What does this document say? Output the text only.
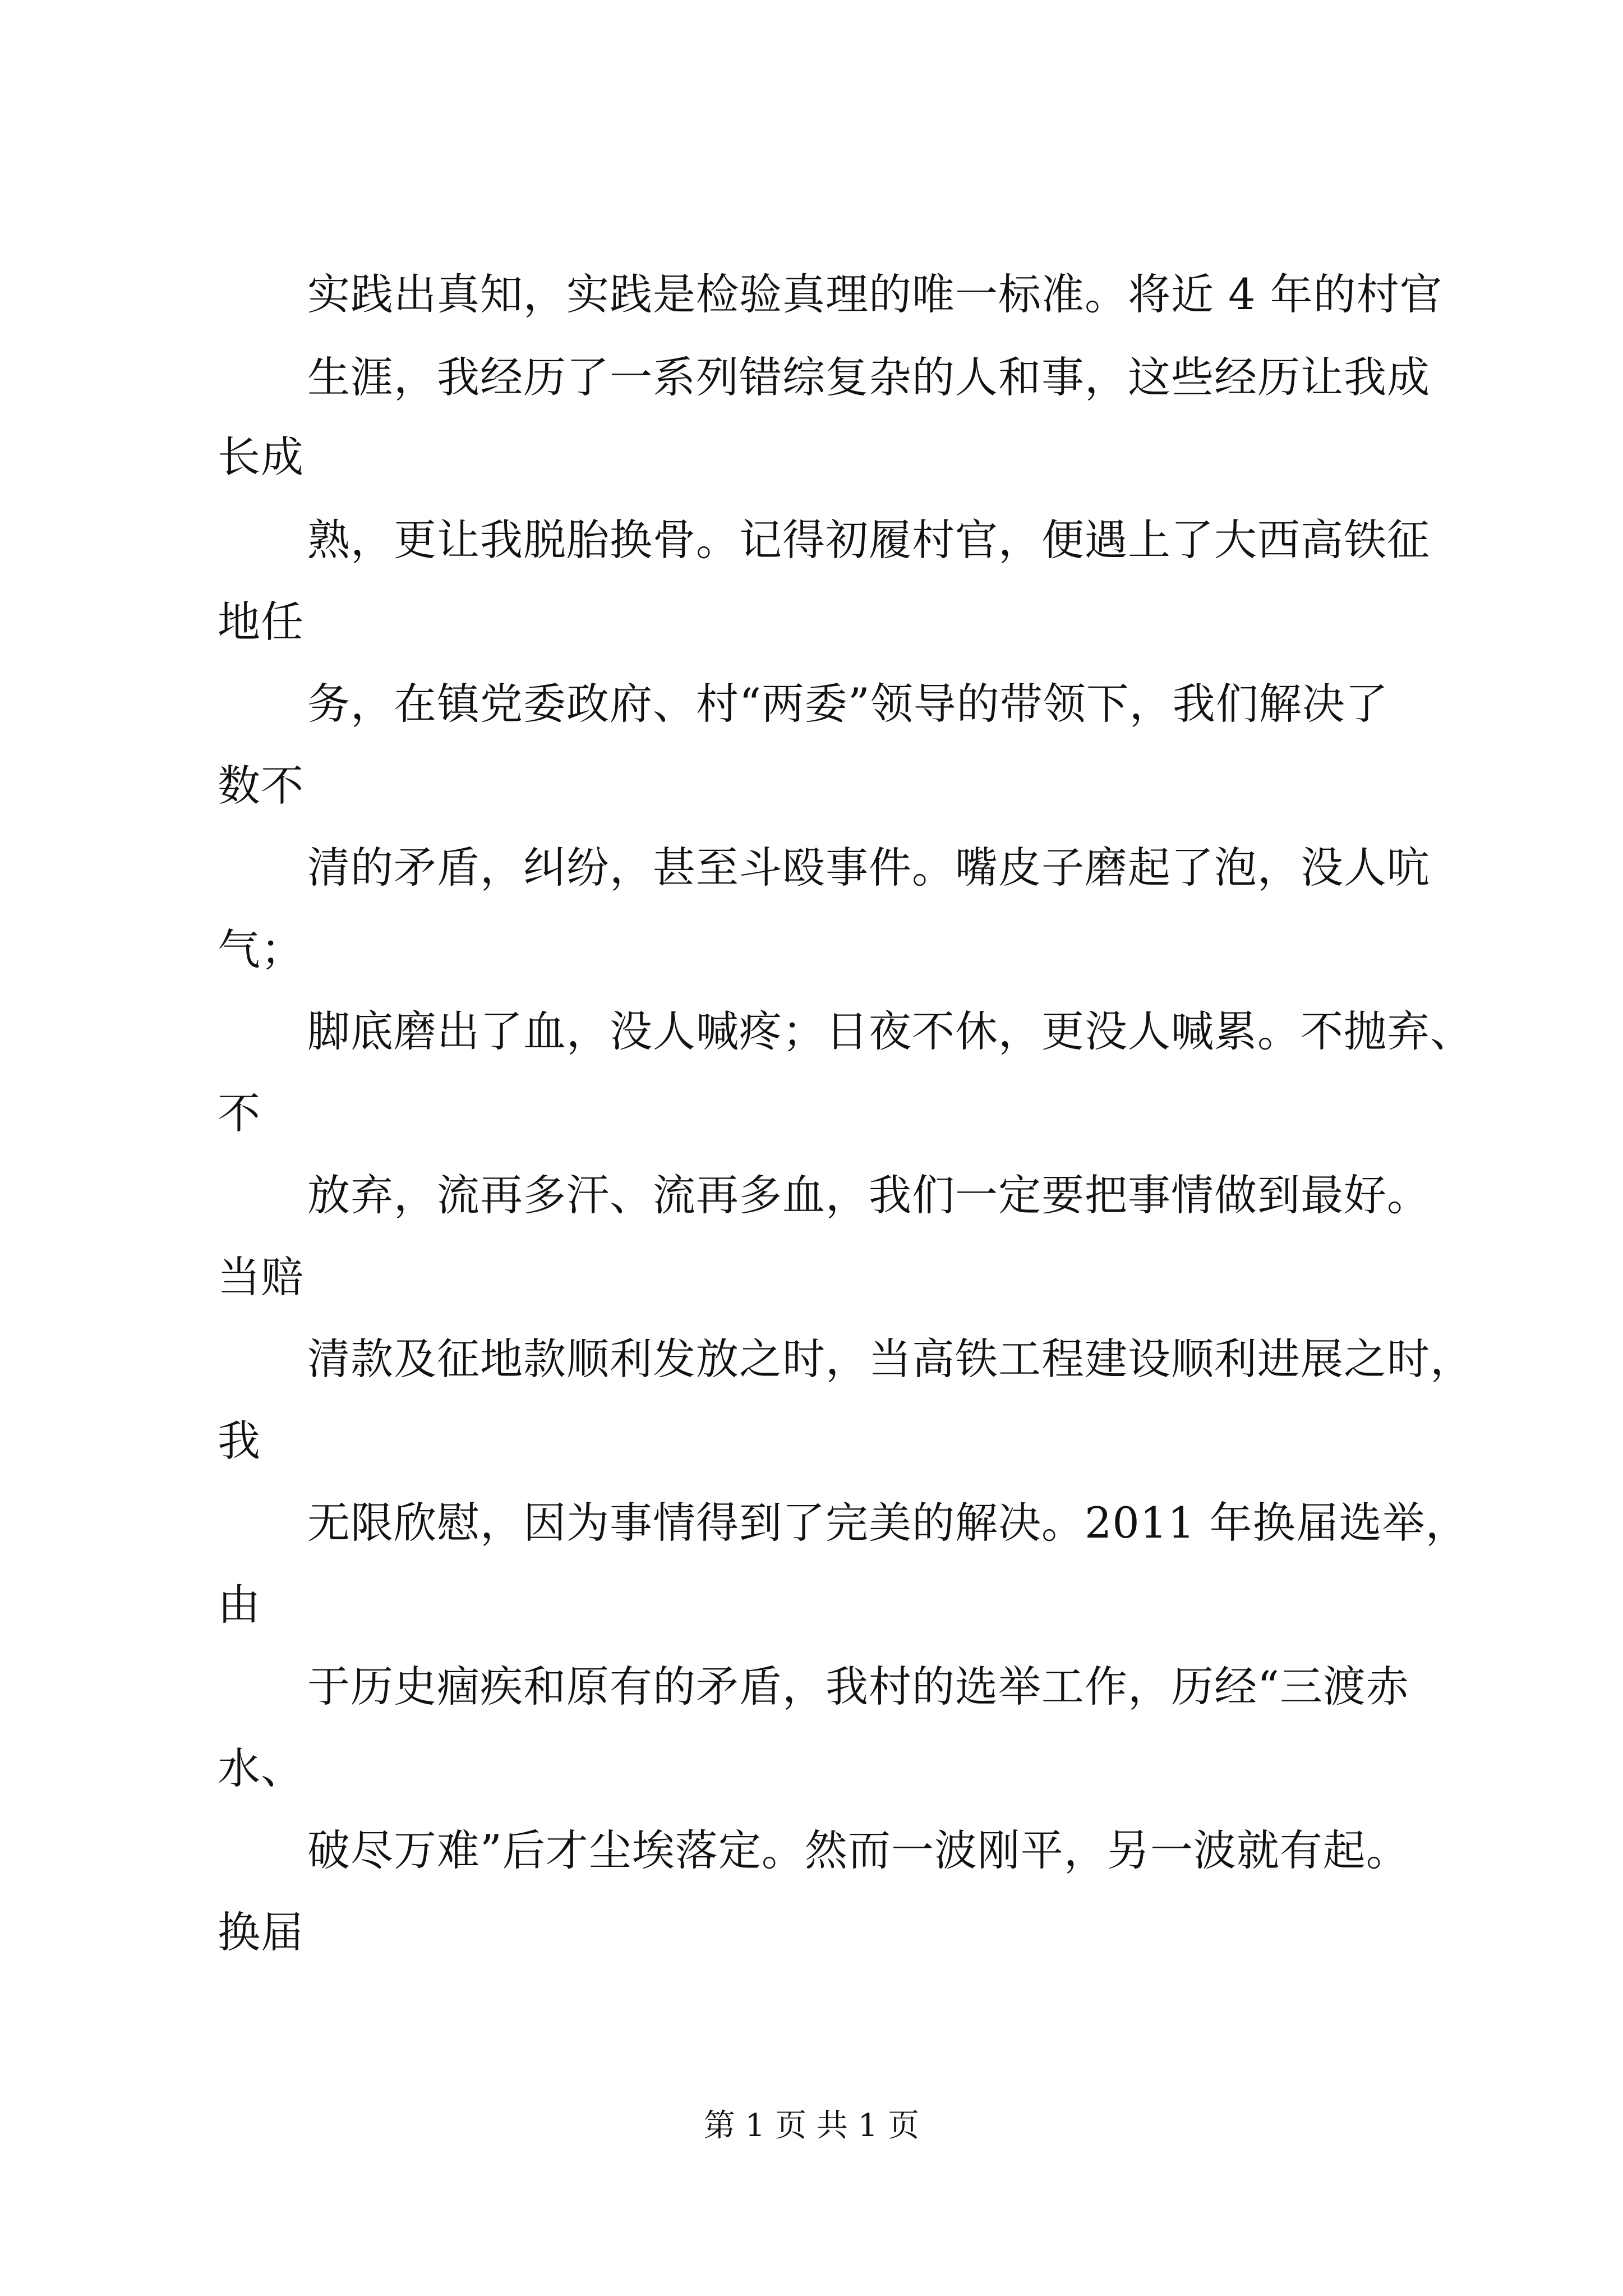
实践出真知，实践是检验真理的唯一标准。将近 4 年的村官
生涯，我经历了一系列错综复杂的人和事，这些经历让我成
长成
熟，更让我脱胎换骨。记得初履村官，便遇上了大西高铁征
地任
务，在镇党委政府、村“两委”领导的带领下，我们解决了
数不
清的矛盾，纠纷，甚至斗殴事件。嘴皮子磨起了泡，没人吭
气；
脚底磨出了血，没人喊疼；日夜不休，更没人喊累。不抛弃、
不
放弃，流再多汗、流再多血，我们一定要把事情做到最好。
当赔
清款及征地款顺利发放之时，当高铁工程建设顺利进展之时，
我
无限欣慰，因为事情得到了完美的解决。2011 年换届选举，
由
于历史痼疾和原有的矛盾，我村的选举工作，历经“三渡赤
水、
破尽万难”后才尘埃落定。然而一波刚平，另一波就有起。
换届
第 1 页 共 1 页
